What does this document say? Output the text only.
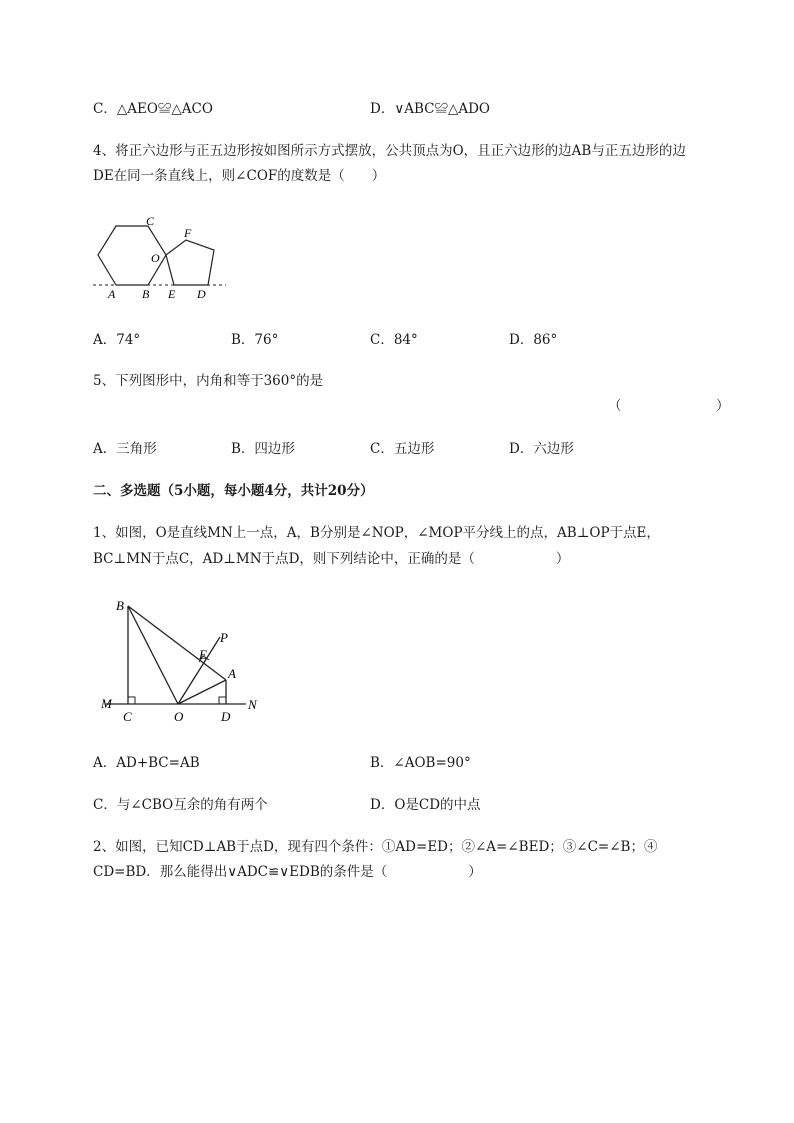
C．△AEO≌△ACO	D．∨ABC≌△ADO
4、将正六边形与正五边形按如图所示方式摆放，公共顶点为O，且正六边形的边AB与正五边形的边
DE在同一条直线上，则∠COF的度数是（　　）
C
F
O
A B E D
A．74°	B．76°	C．84°	D．86°
5、下列图形中，内角和等于360°的是
（　　　　　　　）
A．三角形	B．四边形	C．五边形	D．六边形
二、多选题（5小题，每小题4分，共计20分）
1、如图，O是直线MN上一点，A，B分别是∠NOP，∠MOP平分线上的点，AB⊥OP于点E，
BC⊥MN于点C，AD⊥MN于点D，则下列结论中，正确的是（　　　　　　）
B
P
E
A
M
C	O	D
N
A．AD+BC=AB	B．∠AOB=90°
C．与∠CBO互余的角有两个	D．O是CD的中点
2、如图，已知CD⊥AB于点D，现有四个条件：①AD=ED；②∠A=∠BED；③∠C=∠B；④
CD=BD．那么能得出∨ADC≌∨EDB的条件是（　　　　　　）
